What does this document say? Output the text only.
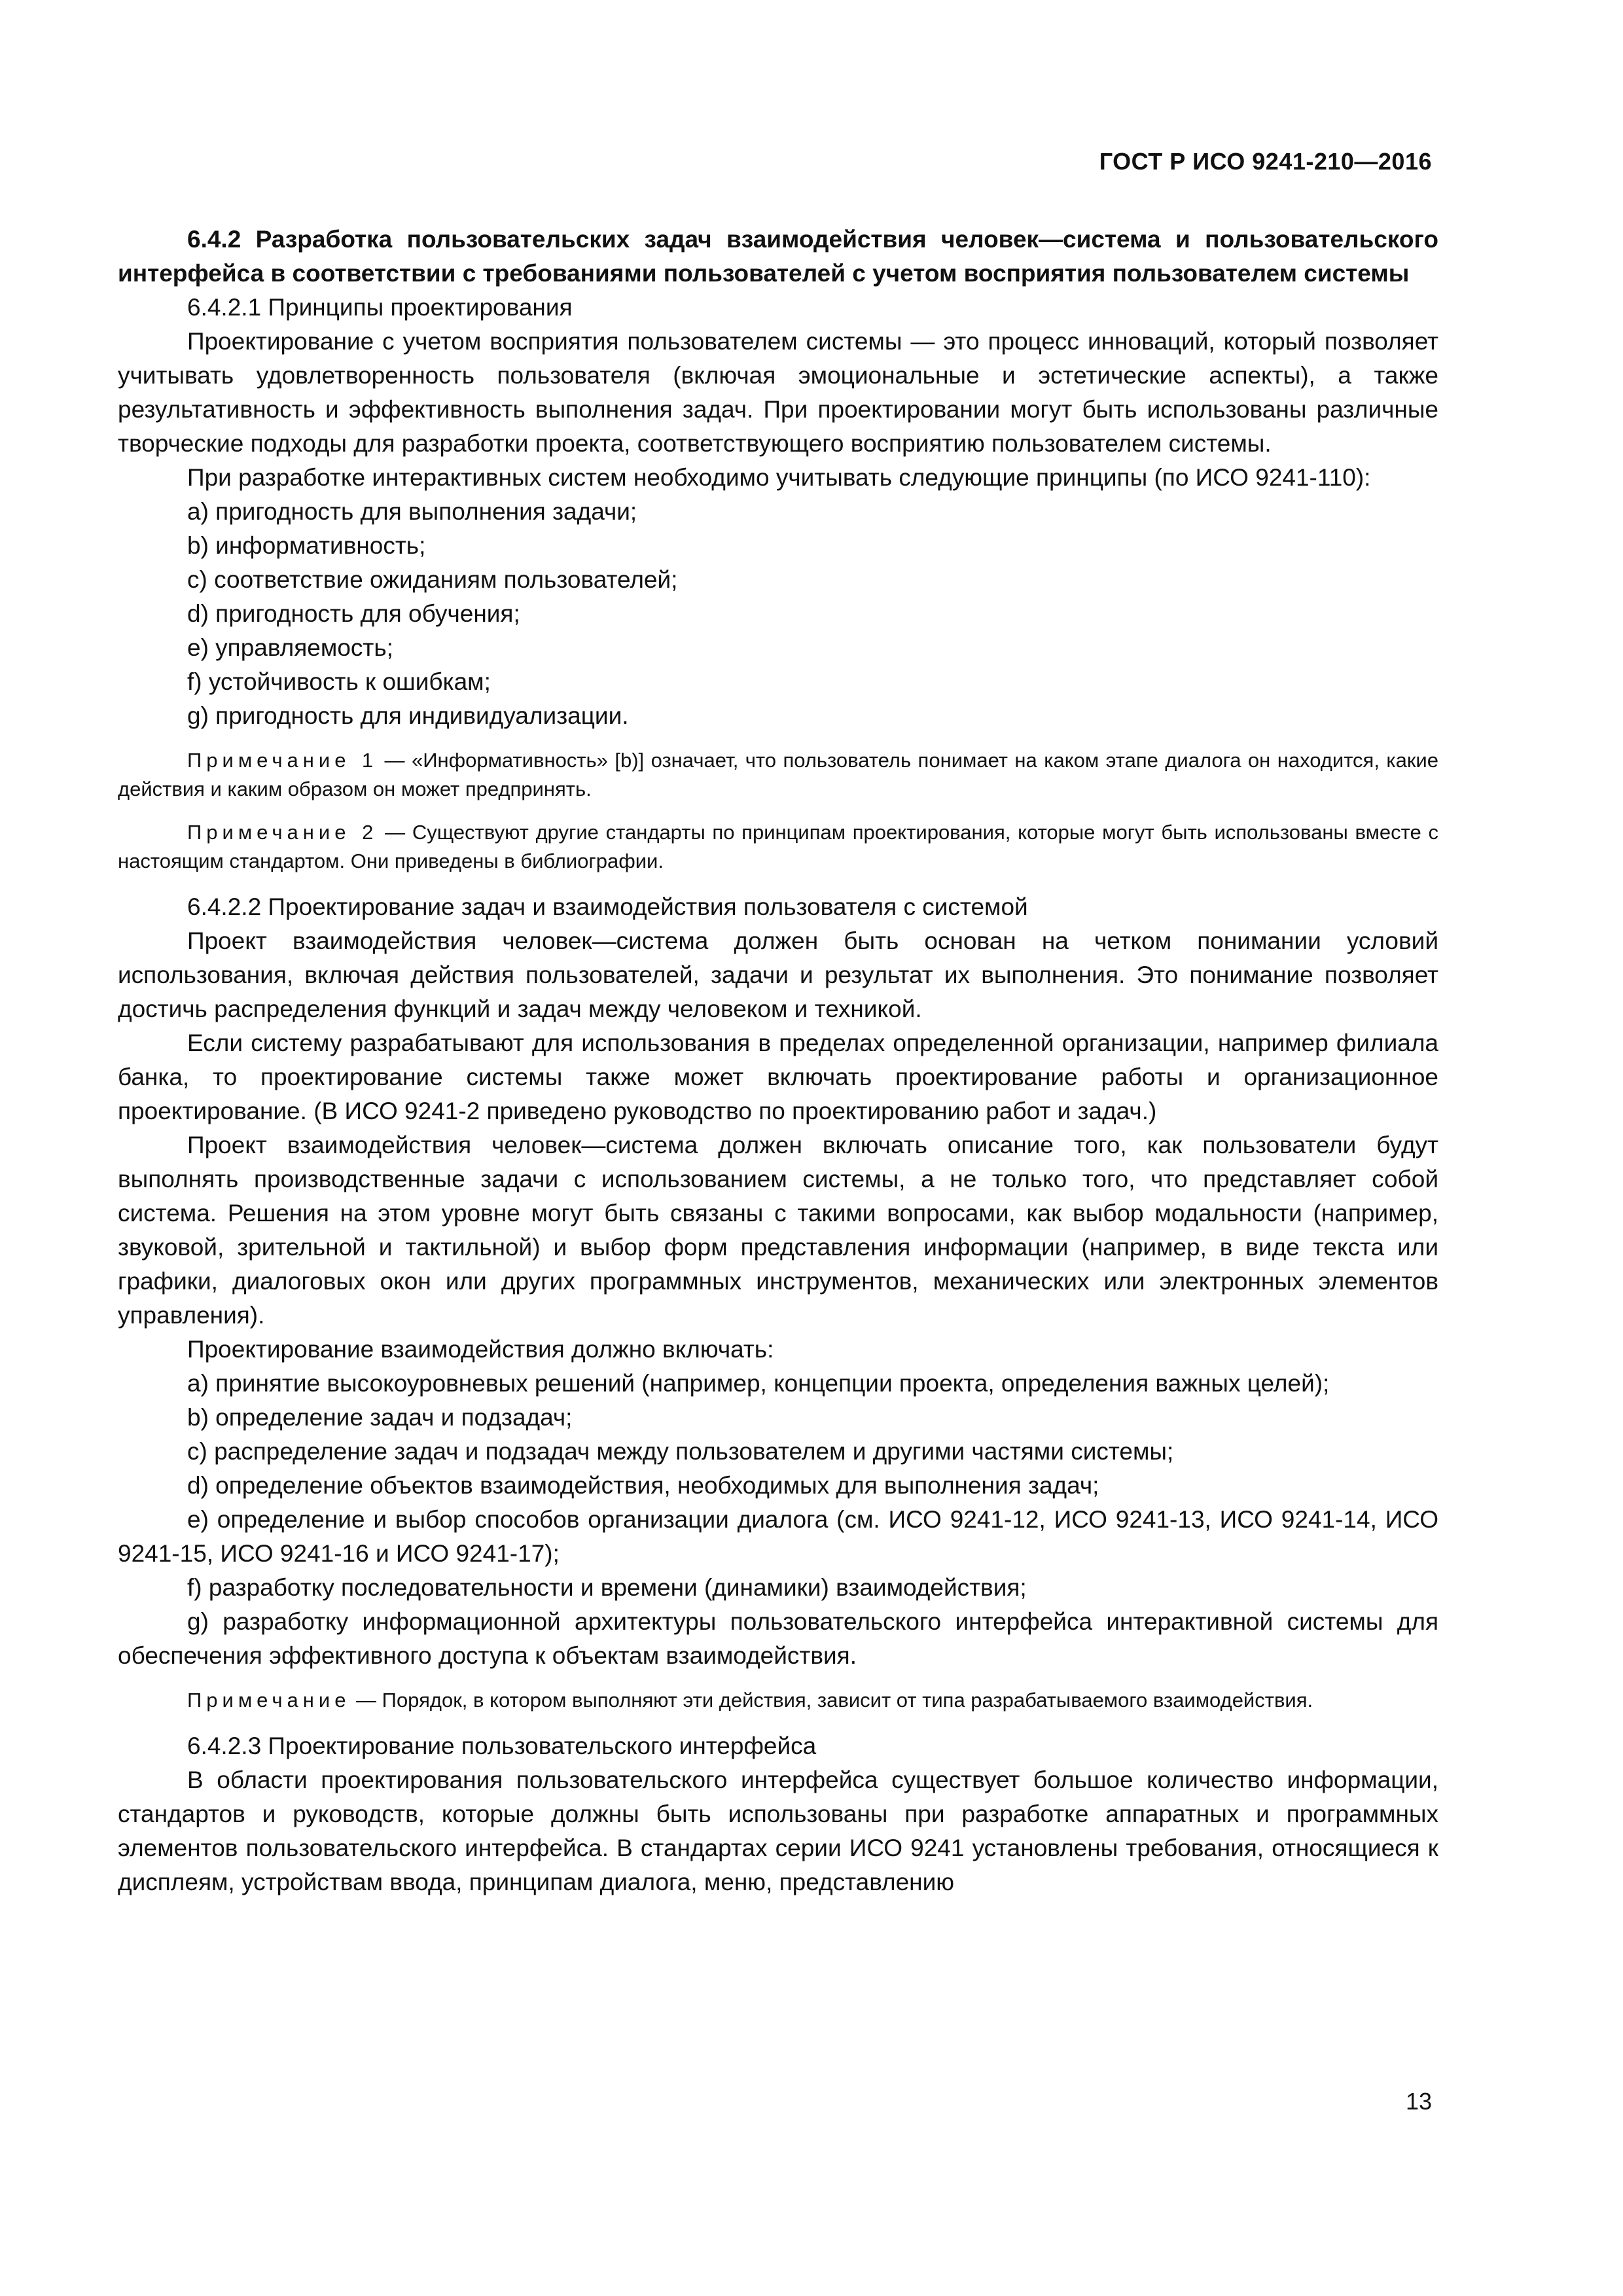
ГОСТ Р ИСО 9241-210—2016

6.4.2 Разработка пользовательских задач взаимодействия человек—система и пользовательского интерфейса в соответствии с требованиями пользователей с учетом восприятия пользователем системы

6.4.2.1 Принципы проектирования

Проектирование с учетом восприятия пользователем системы — это процесс инноваций, который позволяет учитывать удовлетворенность пользователя (включая эмоциональные и эстетические аспекты), а также результативность и эффективность выполнения задач. При проектировании могут быть использованы различные творческие подходы для разработки проекта, соответствующего восприятию пользователем системы.

При разработке интерактивных систем необходимо учитывать следующие принципы (по ИСО 9241-110):

a) пригодность для выполнения задачи;

b) информативность;

c) соответствие ожиданиям пользователей;

d) пригодность для обучения;

e) управляемость;

f) устойчивость к ошибкам;

g) пригодность для индивидуализации.

Примечание 1 — «Информативность» [b)] означает, что пользователь понимает на каком этапе диалога он находится, какие действия и каким образом он может предпринять.
Примечание 2 — Существуют другие стандарты по принципам проектирования, которые могут быть использованы вместе с настоящим стандартом. Они приведены в библиографии.

6.4.2.2 Проектирование задач и взаимодействия пользователя с системой

Проект взаимодействия человек—система должен быть основан на четком понимании условий использования, включая действия пользователей, задачи и результат их выполнения. Это понимание позволяет достичь распределения функций и задач между человеком и техникой.

Если систему разрабатывают для использования в пределах определенной организации, например филиала банка, то проектирование системы также может включать проектирование работы и организационное проектирование. (В ИСО 9241-2 приведено руководство по проектированию работ и задач.)

Проект взаимодействия человек—система должен включать описание того, как пользователи будут выполнять производственные задачи с использованием системы, а не только того, что представляет собой система. Решения на этом уровне могут быть связаны с такими вопросами, как выбор модальности (например, звуковой, зрительной и тактильной) и выбор форм представления информации (например, в виде текста или графики, диалоговых окон или других программных инструментов, механических или электронных элементов управления).

Проектирование взаимодействия должно включать:

a) принятие высокоуровневых решений (например, концепции проекта, определения важных целей);

b) определение задач и подзадач;

c) распределение задач и подзадач между пользователем и другими частями системы;

d) определение объектов взаимодействия, необходимых для выполнения задач;

e) определение и выбор способов организации диалога (см. ИСО 9241-12, ИСО 9241-13, ИСО 9241-14, ИСО 9241-15, ИСО 9241-16 и ИСО 9241-17);

f) разработку последовательности и времени (динамики) взаимодействия;

g) разработку информационной архитектуры пользовательского интерфейса интерактивной системы для обеспечения эффективного доступа к объектам взаимодействия.

Примечание — Порядок, в котором выполняют эти действия, зависит от типа разрабатываемого взаимодействия.

6.4.2.3 Проектирование пользовательского интерфейса

В области проектирования пользовательского интерфейса существует большое количество информации, стандартов и руководств, которые должны быть использованы при разработке аппаратных и программных элементов пользовательского интерфейса. В стандартах серии ИСО 9241 установлены требования, относящиеся к дисплеям, устройствам ввода, принципам диалога, меню, представлению

13
